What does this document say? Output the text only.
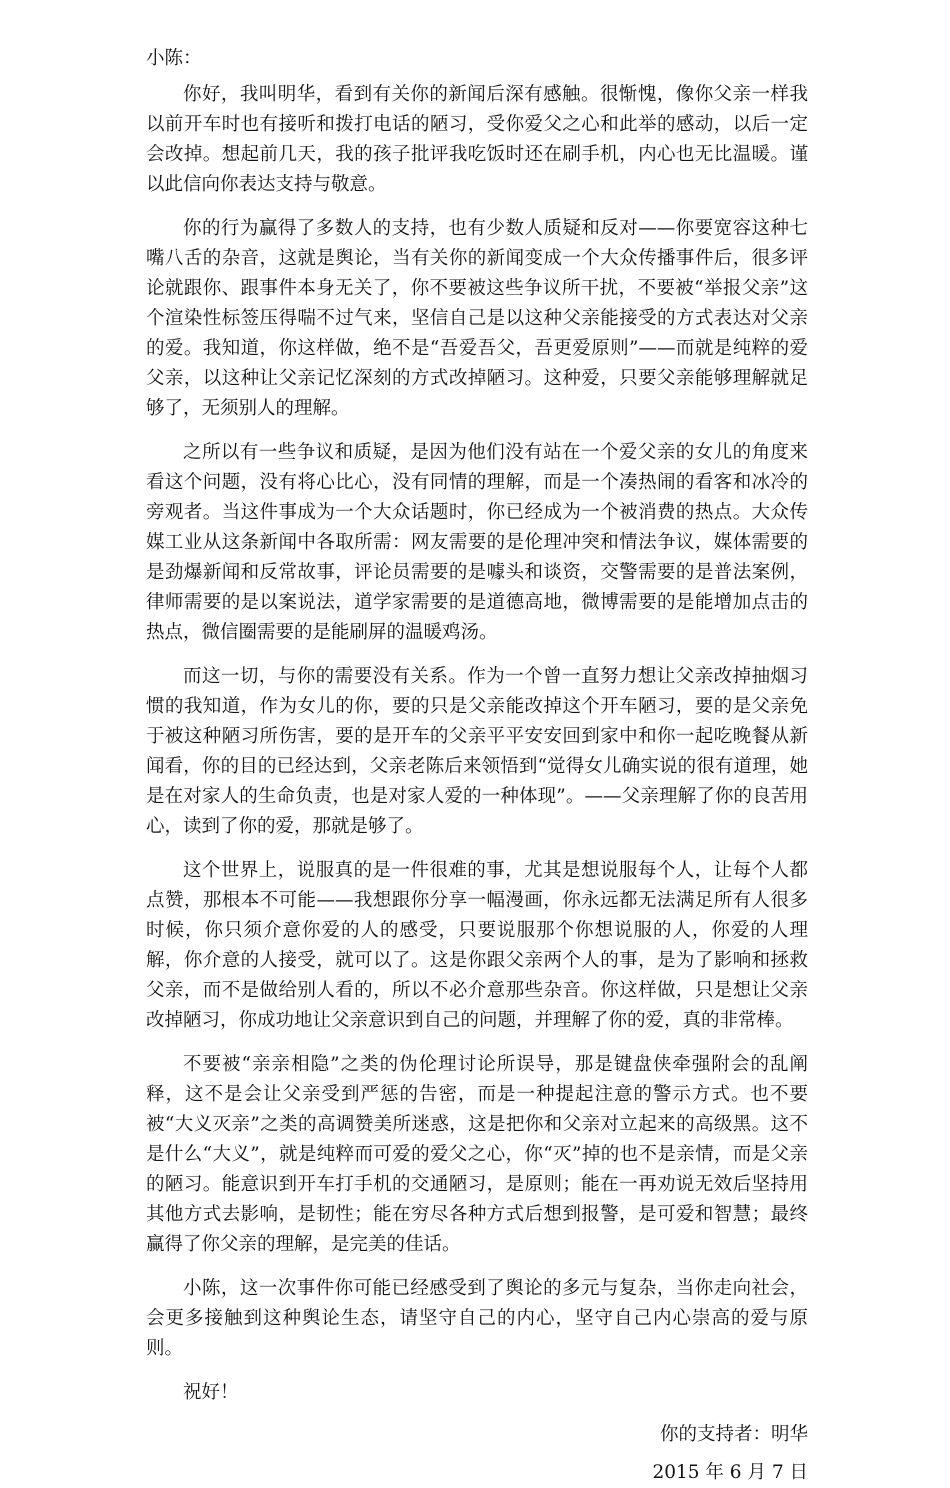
小陈：

你好，我叫明华，看到有关你的新闻后深有感触。很惭愧，像你父亲一样我以前开车时也有接听和拨打电话的陋习，受你爱父之心和此举的感动，以后一定会改掉。想起前几天，我的孩子批评我吃饭时还在刷手机，内心也无比温暖。谨以此信向你表达支持与敬意。

你的行为赢得了多数人的支持，也有少数人质疑和反对——你要宽容这种七嘴八舌的杂音，这就是舆论，当有关你的新闻变成一个大众传播事件后，很多评论就跟你、跟事件本身无关了，你不要被这些争议所干扰，不要被“举报父亲”这个渲染性标签压得喘不过气来，坚信自己是以这种父亲能接受的方式表达对父亲的爱。我知道，你这样做，绝不是“吾爱吾父，吾更爱原则”——而就是纯粹的爱父亲，以这种让父亲记忆深刻的方式改掉陋习。这种爱，只要父亲能够理解就足够了，无须别人的理解。

之所以有一些争议和质疑，是因为他们没有站在一个爱父亲的女儿的角度来看这个问题，没有将心比心，没有同情的理解，而是一个凑热闹的看客和冰冷的旁观者。当这件事成为一个大众话题时，你已经成为一个被消费的热点。大众传媒工业从这条新闻中各取所需：网友需要的是伦理冲突和情法争议，媒体需要的是劲爆新闻和反常故事，评论员需要的是噱头和谈资，交警需要的是普法案例，律师需要的是以案说法，道学家需要的是道德高地，微博需要的是能增加点击的热点，微信圈需要的是能刷屏的温暖鸡汤。

而这一切，与你的需要没有关系。作为一个曾一直努力想让父亲改掉抽烟习惯的我知道，作为女儿的你，要的只是父亲能改掉这个开车陋习，要的是父亲免于被这种陋习所伤害，要的是开车的父亲平平安安回到家中和你一起吃晚餐从新闻看，你的目的已经达到，父亲老陈后来领悟到“觉得女儿确实说的很有道理，她是在对家人的生命负责，也是对家人爱的一种体现”。——父亲理解了你的良苦用心，读到了你的爱，那就是够了。

这个世界上，说服真的是一件很难的事，尤其是想说服每个人，让每个人都点赞，那根本不可能——我想跟你分享一幅漫画，你永远都无法满足所有人很多时候，你只须介意你爱的人的感受，只要说服那个你想说服的人，你爱的人理解，你介意的人接受，就可以了。这是你跟父亲两个人的事，是为了影响和拯救父亲，而不是做给别人看的，所以不必介意那些杂音。你这样做，只是想让父亲改掉陋习，你成功地让父亲意识到自己的问题，并理解了你的爱，真的非常棒。

不要被“亲亲相隐”之类的伪伦理讨论所误导，那是键盘侠牵强附会的乱阐释，这不是会让父亲受到严惩的告密，而是一种提起注意的警示方式。也不要被“大义灭亲”之类的高调赞美所迷惑，这是把你和父亲对立起来的高级黑。这不是什么“大义”，就是纯粹而可爱的爱父之心，你“灭”掉的也不是亲情，而是父亲的陋习。能意识到开车打手机的交通陋习，是原则；能在一再劝说无效后坚持用其他方式去影响，是韧性；能在穷尽各种方式后想到报警，是可爱和智慧；最终赢得了你父亲的理解，是完美的佳话。

小陈，这一次事件你可能已经感受到了舆论的多元与复杂，当你走向社会，会更多接触到这种舆论生态，请坚守自己的内心，坚守自己内心崇高的爱与原则。

祝好！

你的支持者：明华

2015 年 6 月 7 日
